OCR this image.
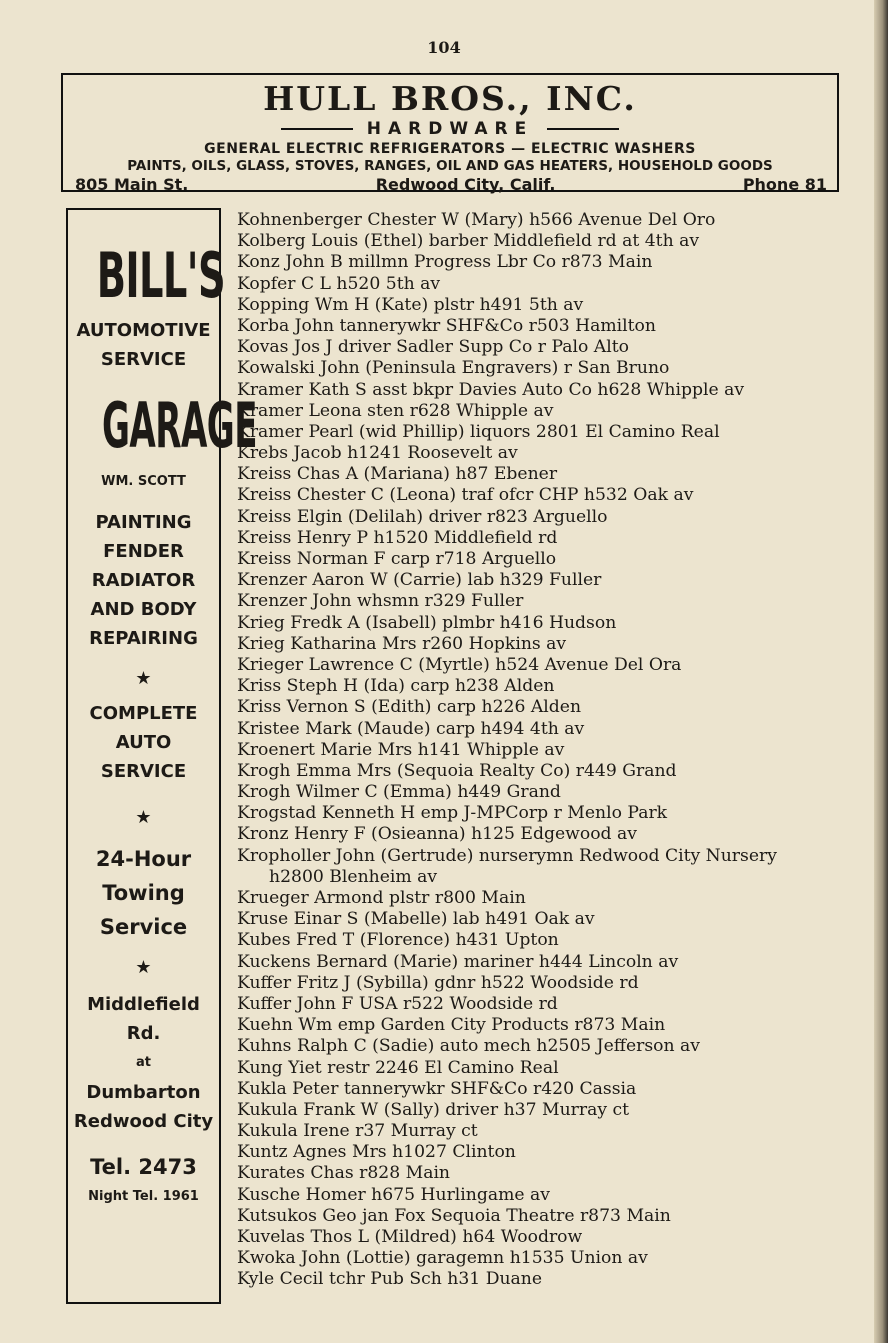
104
HULL BROS., INC.
HARDWARE
GENERAL ELECTRIC REFRIGERATORS — ELECTRIC WASHERS
PAINTS, OILS, GLASS, STOVES, RANGES, OIL AND GAS HEATERS, HOUSEHOLD GOODS
805 Main St.	Redwood City, Calif.	Phone 81
BILL'S
AUTOMOTIVE
SERVICE
GARAGE
WM. SCOTT
PAINTING
FENDER
RADIATOR
AND BODY
REPAIRING
★
COMPLETE
AUTO
SERVICE
★
24-Hour
Towing
Service
★
Middlefield Rd.
at
Dumbarton
Redwood City
Tel. 2473
Night Tel. 1961
Kohnenberger Chester W (Mary) h566 Avenue Del Oro
Kolberg Louis (Ethel) barber Middlefield rd at 4th av
Konz John B millmn Progress Lbr Co r873 Main
Kopfer C L h520 5th av
Kopping Wm H (Kate) plstr h491 5th av
Korba John tannerywkr SHF&Co r503 Hamilton
Kovas Jos J driver Sadler Supp Co r Palo Alto
Kowalski John (Peninsula Engravers) r San Bruno
Kramer Kath S asst bkpr Davies Auto Co h628 Whipple av
Kramer Leona sten r628 Whipple av
Kramer Pearl (wid Phillip) liquors 2801 El Camino Real
Krebs Jacob h1241 Roosevelt av
Kreiss Chas A (Mariana) h87 Ebener
Kreiss Chester C (Leona) traf ofcr CHP h532 Oak av
Kreiss Elgin (Delilah) driver r823 Arguello
Kreiss Henry P h1520 Middlefield rd
Kreiss Norman F carp r718 Arguello
Krenzer Aaron W (Carrie) lab h329 Fuller
Krenzer John whsmn r329 Fuller
Krieg Fredk A (Isabell) plmbr h416 Hudson
Krieg Katharina Mrs r260 Hopkins av
Krieger Lawrence C (Myrtle) h524 Avenue Del Ora
Kriss Steph H (Ida) carp h238 Alden
Kriss Vernon S (Edith) carp h226 Alden
Kristee Mark (Maude) carp h494 4th av
Kroenert Marie Mrs h141 Whipple av
Krogh Emma Mrs (Sequoia Realty Co) r449 Grand
Krogh Wilmer C (Emma) h449 Grand
Krogstad Kenneth H emp J-MPCorp r Menlo Park
Kronz Henry F (Osieanna) h125 Edgewood av
Kropholler John (Gertrude) nurserymn Redwood City Nursery
h2800 Blenheim av
Krueger Armond plstr r800 Main
Kruse Einar S (Mabelle) lab h491 Oak av
Kubes Fred T (Florence) h431 Upton
Kuckens Bernard (Marie) mariner h444 Lincoln av
Kuffer Fritz J (Sybilla) gdnr h522 Woodside rd
Kuffer John F USA r522 Woodside rd
Kuehn Wm emp Garden City Products r873 Main
Kuhns Ralph C (Sadie) auto mech h2505 Jefferson av
Kung Yiet restr 2246 El Camino Real
Kukla Peter tannerywkr SHF&Co r420 Cassia
Kukula Frank W (Sally) driver h37 Murray ct
Kukula Irene r37 Murray ct
Kuntz Agnes Mrs h1027 Clinton
Kurates Chas r828 Main
Kusche Homer h675 Hurlingame av
Kutsukos Geo jan Fox Sequoia Theatre r873 Main
Kuvelas Thos L (Mildred) h64 Woodrow
Kwoka John (Lottie) garagemn h1535 Union av
Kyle Cecil tchr Pub Sch h31 Duane
